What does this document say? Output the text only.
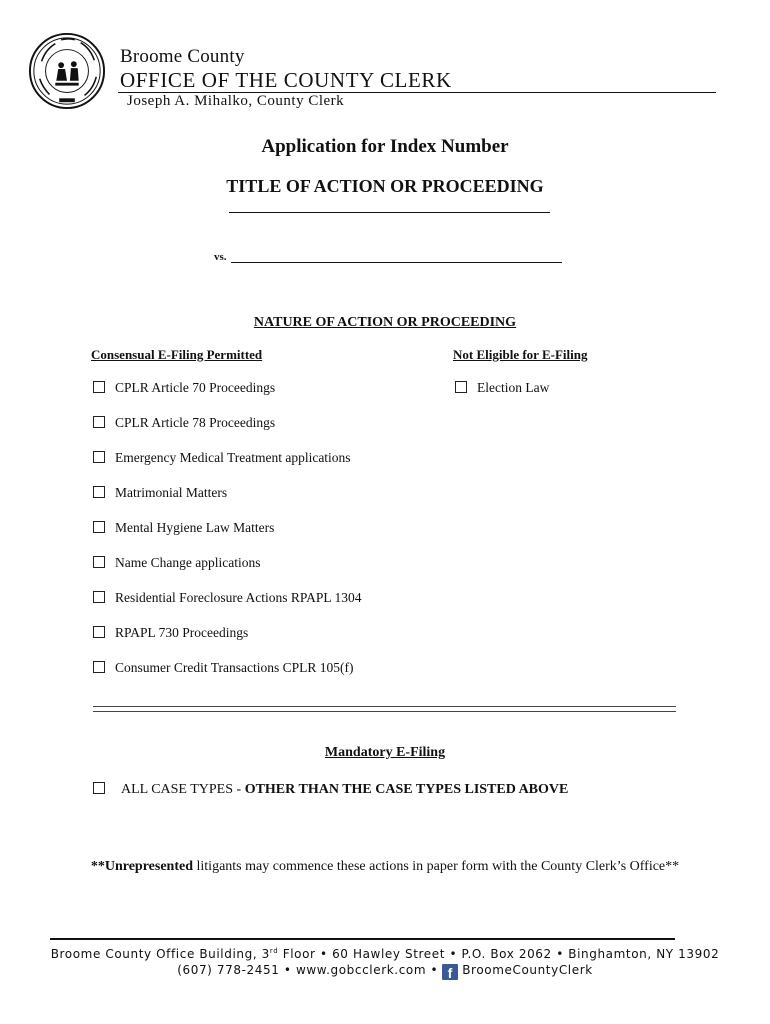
Broome County
OFFICE OF THE COUNTY CLERK
Joseph A. Mihalko, County Clerk
Application for Index Number
TITLE OF ACTION OR PROCEEDING
vs.
NATURE OF ACTION OR PROCEEDING
Consensual E-Filing Permitted	Not Eligible for E-Filing
CPLR Article 70 Proceedings
CPLR Article 78 Proceedings
Emergency Medical Treatment applications
Matrimonial Matters
Mental Hygiene Law Matters
Name Change applications
Residential Foreclosure Actions RPAPL 1304
RPAPL 730 Proceedings
Consumer Credit Transactions CPLR 105(f)
Election Law
Mandatory E-Filing
ALL CASE TYPES - OTHER THAN THE CASE TYPES LISTED ABOVE
**Unrepresented litigants may commence these actions in paper form with the County Clerk’s Office**
Broome County Office Building, 3rd Floor • 60 Hawley Street • P.O. Box 2062 • Binghamton, NY 13902
(607) 778-2451 • www.gobcclerk.com • f BroomeCountyClerk
